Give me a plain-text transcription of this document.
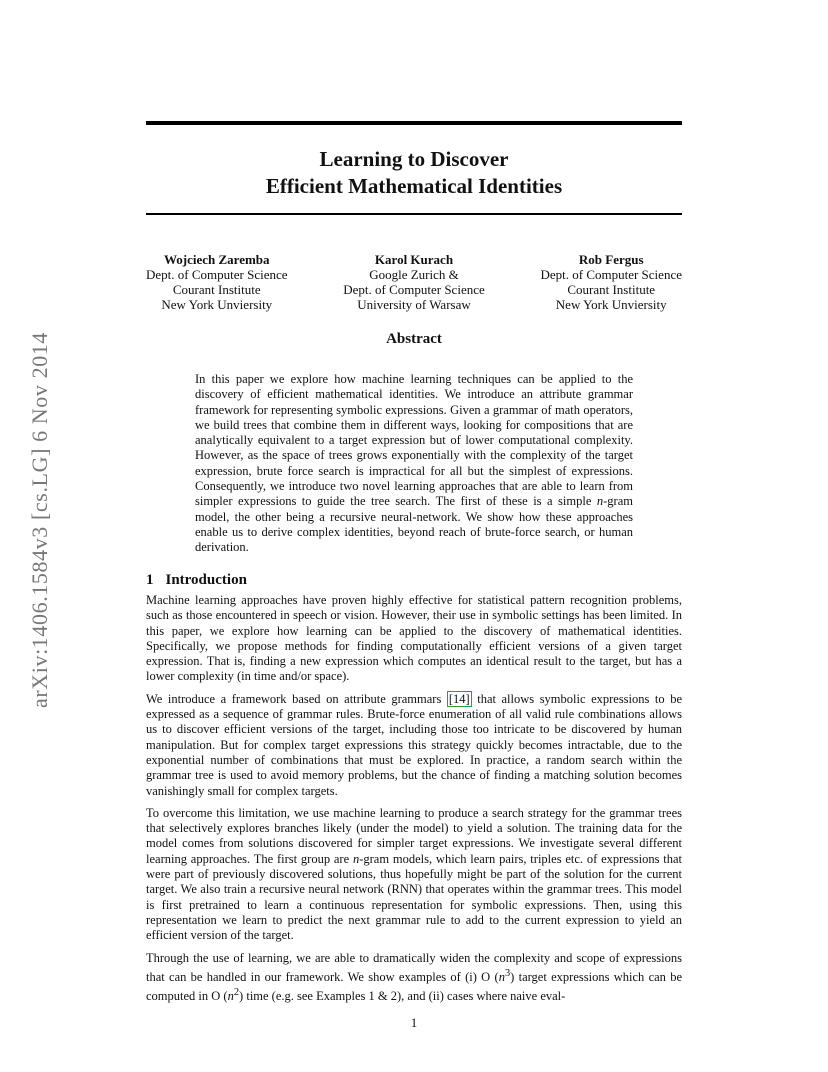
arXiv:1406.1584v3 [cs.LG] 6 Nov 2014
Learning to Discover
Efficient Mathematical Identities
Wojciech Zaremba
Dept. of Computer Science
Courant Institute
New York Unviersity
Karol Kurach
Google Zurich &
Dept. of Computer Science
University of Warsaw
Rob Fergus
Dept. of Computer Science
Courant Institute
New York Unviersity
Abstract

In this paper we explore how machine learning techniques can be applied to the discovery of efficient mathematical identities. We introduce an attribute grammar framework for representing symbolic expressions. Given a grammar of math operators, we build trees that combine them in different ways, looking for compositions that are analytically equivalent to a target expression but of lower computational complexity. However, as the space of trees grows exponentially with the complexity of the target expression, brute force search is impractical for all but the simplest of expressions. Consequently, we introduce two novel learning approaches that are able to learn from simpler expressions to guide the tree search. The first of these is a simple n-gram model, the other being a recursive neural-network. We show how these approaches enable us to derive complex identities, beyond reach of brute-force search, or human derivation.

1 Introduction

Machine learning approaches have proven highly effective for statistical pattern recognition problems, such as those encountered in speech or vision. However, their use in symbolic settings has been limited. In this paper, we explore how learning can be applied to the discovery of mathematical identities. Specifically, we propose methods for finding computationally efficient versions of a given target expression. That is, finding a new expression which computes an identical result to the target, but has a lower complexity (in time and/or space).

We introduce a framework based on attribute grammars [14] that allows symbolic expressions to be expressed as a sequence of grammar rules. Brute-force enumeration of all valid rule combinations allows us to discover efficient versions of the target, including those too intricate to be discovered by human manipulation. But for complex target expressions this strategy quickly becomes intractable, due to the exponential number of combinations that must be explored. In practice, a random search within the grammar tree is used to avoid memory problems, but the chance of finding a matching solution becomes vanishingly small for complex targets.

To overcome this limitation, we use machine learning to produce a search strategy for the grammar trees that selectively explores branches likely (under the model) to yield a solution. The training data for the model comes from solutions discovered for simpler target expressions. We investigate several different learning approaches. The first group are n-gram models, which learn pairs, triples etc. of expressions that were part of previously discovered solutions, thus hopefully might be part of the solution for the current target. We also train a recursive neural network (RNN) that operates within the grammar trees. This model is first pretrained to learn a continuous representation for symbolic expressions. Then, using this representation we learn to predict the next grammar rule to add to the current expression to yield an efficient version of the target.

Through the use of learning, we are able to dramatically widen the complexity and scope of expressions that can be handled in our framework. We show examples of (i) O $(n^3)$ target expressions which can be computed in O $(n^2)$ time (e.g. see Examples 1 & 2), and (ii) cases where naive eval-

1
